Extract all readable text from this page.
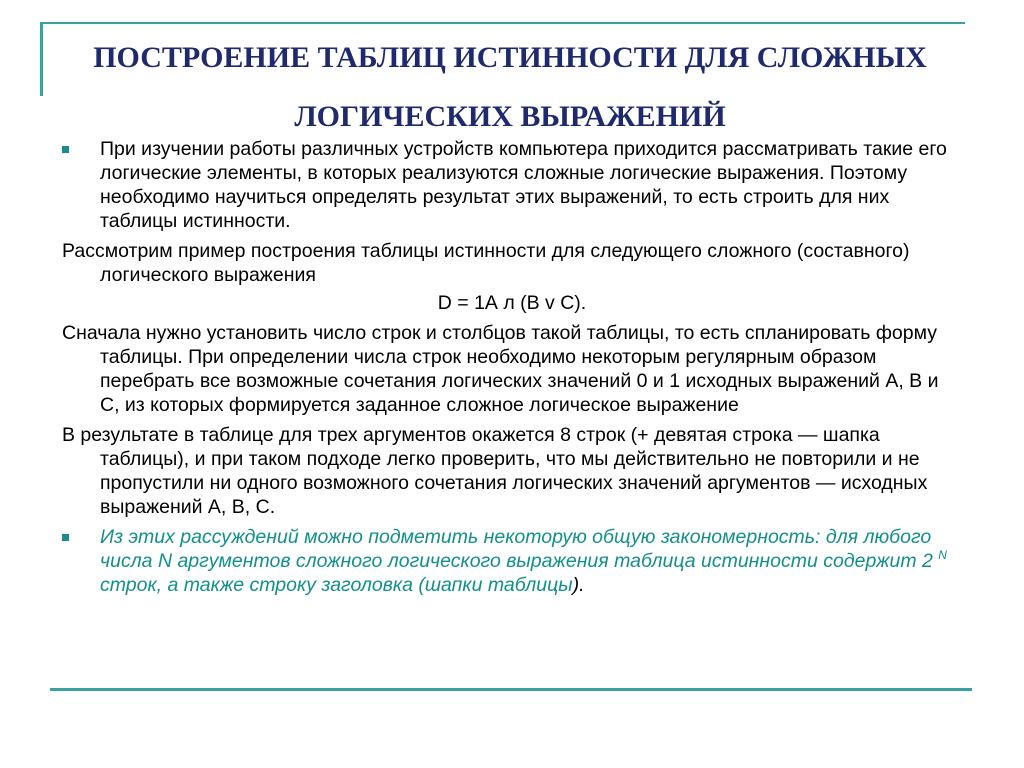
ПОСТРОЕНИЕ ТАБЛИЦ ИСТИННОСТИ ДЛЯ СЛОЖНЫХ ЛОГИЧЕСКИХ ВЫРАЖЕНИЙ

При изучении работы различных устройств компьютера приходится рассматривать такие его логические элементы, в которых реализуются сложные логические выражения. Поэтому необходимо научиться определять результат этих выражений, то есть строить для них таблицы истинности.

Рассмотрим пример построения таблицы истинности для следующего сложного (составного) логического выражения

D = 1А л (В v С).

Сначала нужно установить число строк и столбцов такой таблицы, то есть спланировать форму таблицы. При определении числа строк необходимо некоторым регулярным образом перебрать все возможные сочетания логических значений 0 и 1 исходных выражений А, В и С, из которых формируется заданное сложное логическое выражение

В результате в таблице для трех аргументов окажется 8 строк (+ девятая строка — шапка таблицы), и при таком подходе легко проверить, что мы действительно не повторили и не пропустили ни одного возможного сочетания логических значений аргументов — исходных выражений А, В, С.

Из этих рассуждений можно подметить некоторую общую закономерность: для любого числа N аргументов сложного логического выражения таблица истинности содержит 2 $^N$ строк, а также строку заголовка (шапки таблицы).
